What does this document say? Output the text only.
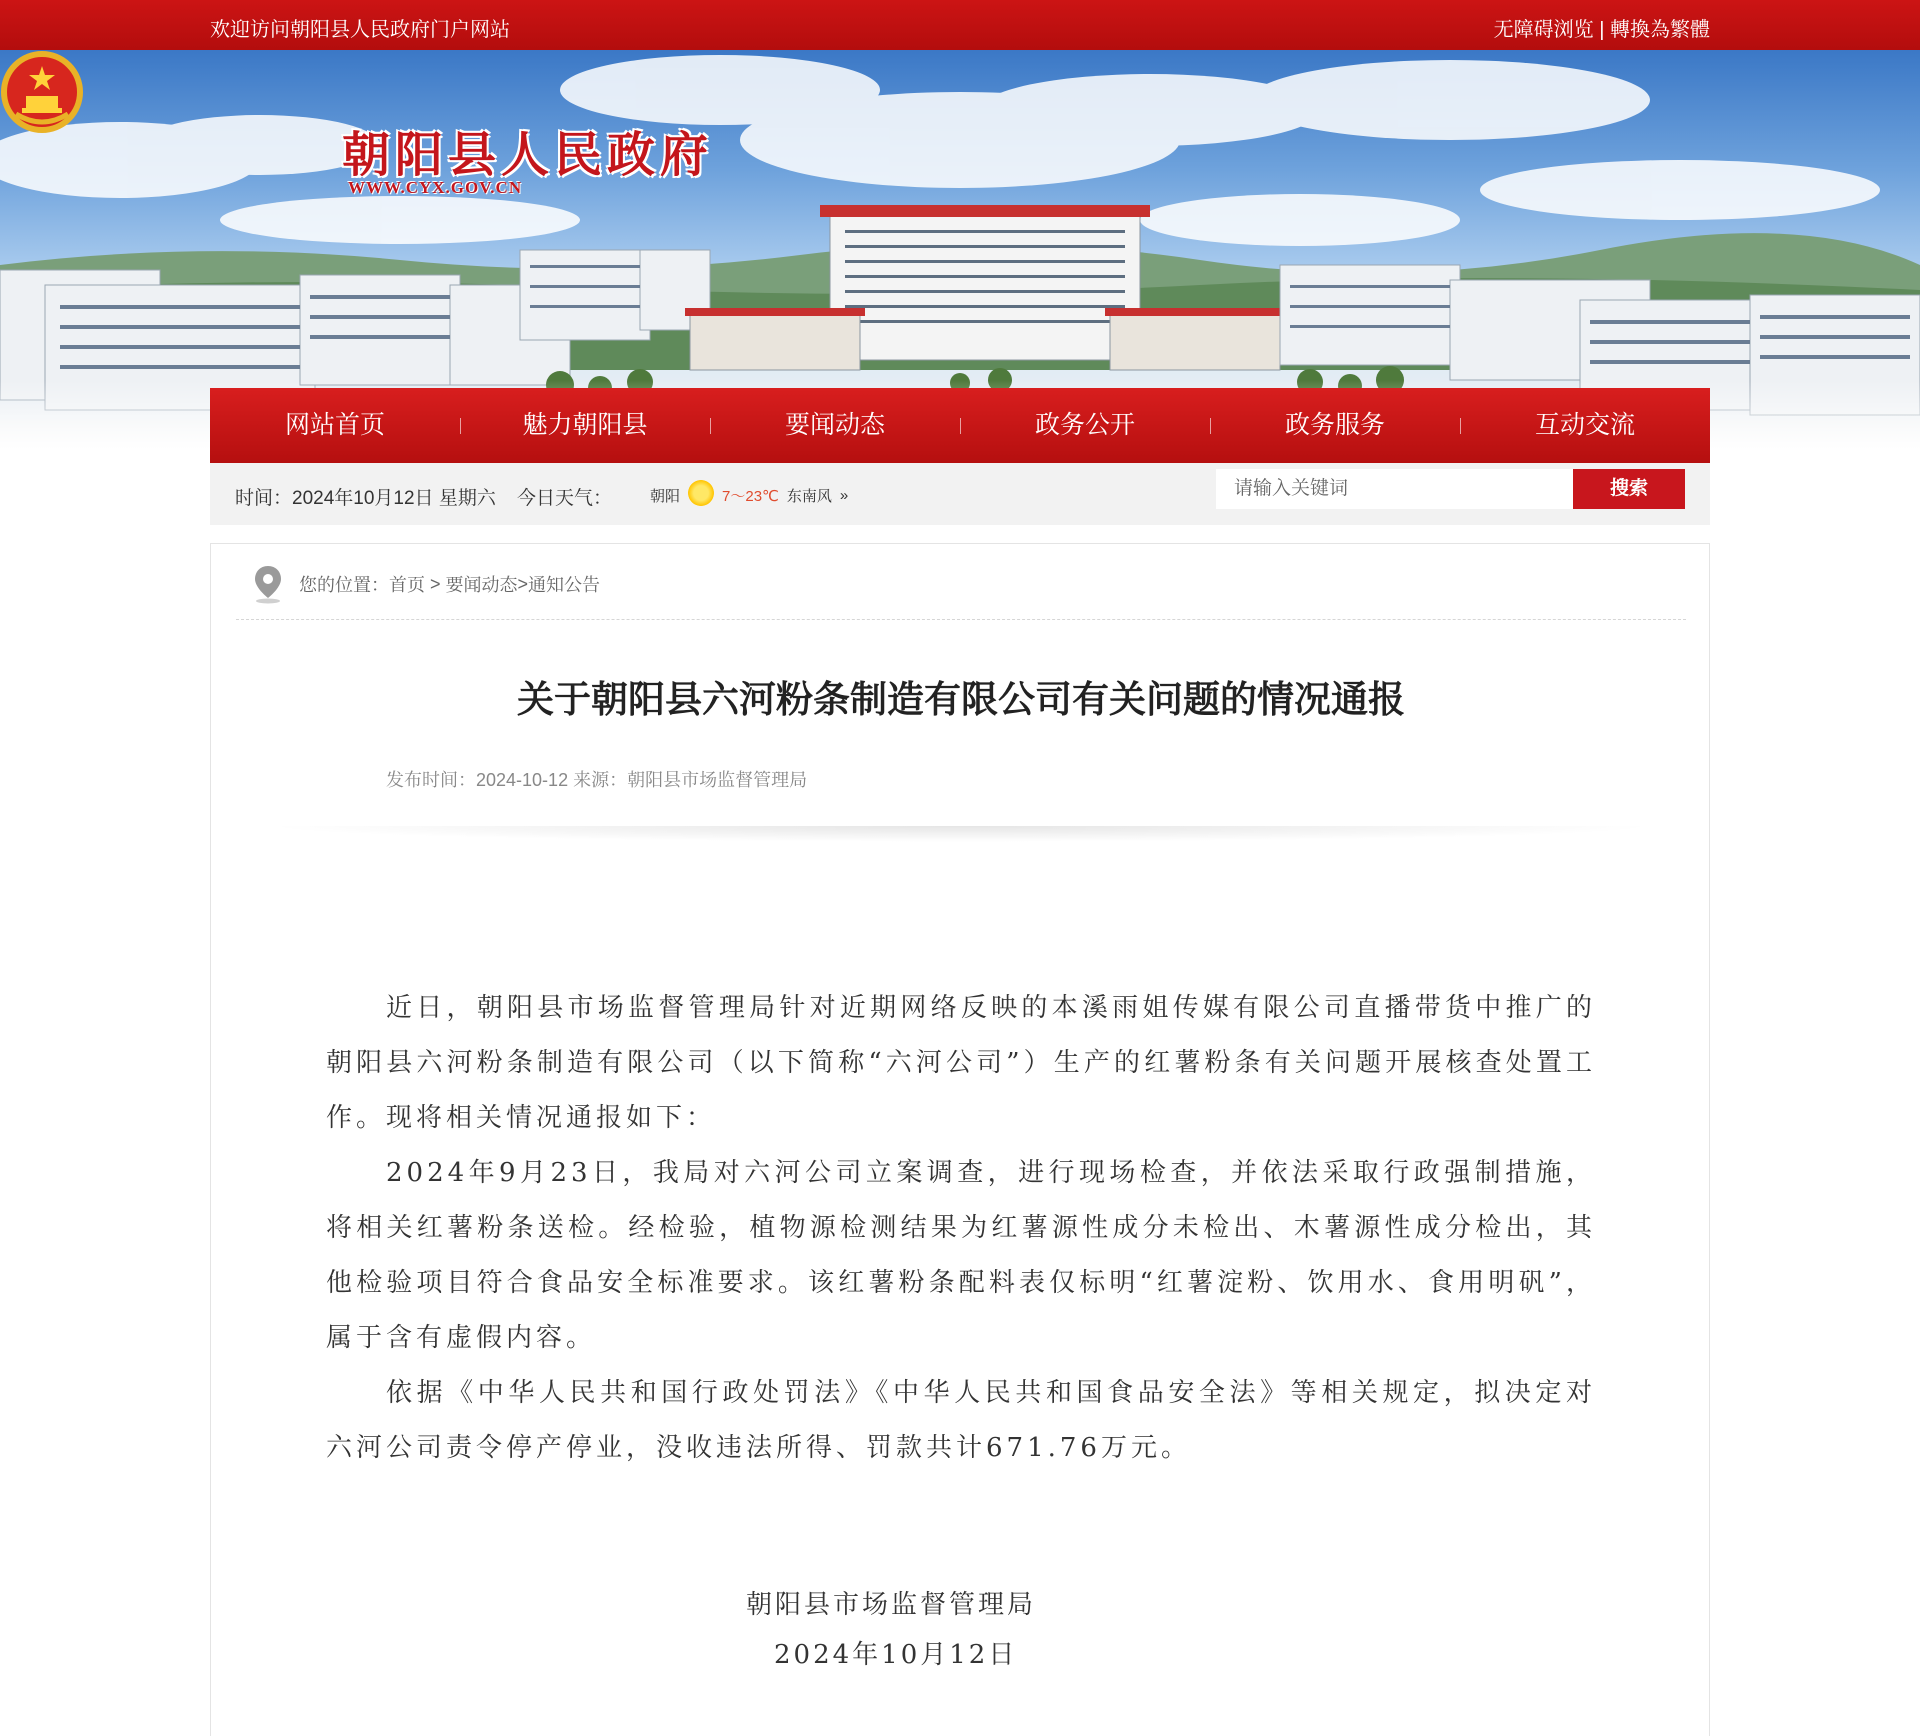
欢迎访问朝阳县人民政府门户网站	无障碍浏览 | 轉換為繁體
朝阳县人民政府
WWW.CYX.GOV.CN
网站首页	魅力朝阳县	要闻动态	政务公开	政务服务	互动交流
时间：2024年10月12日 星期六 今日天气：	朝阳	7～23℃ 东南风 »
请输入关键词	搜索
您的位置： 首页 > 要闻动态 > 通知公告
关于朝阳县六河粉条制造有限公司有关问题的情况通报
发布时间：2024-10-12 来源：朝阳县市场监督管理局

近日，朝阳县市场监督管理局针对近期网络反映的本溪雨姐传媒有限公司直播带货中推广的朝阳县六河粉条制造有限公司（以下简称“六河公司”）生产的红薯粉条有关问题开展核查处置工作。现将相关情况通报如下：

2024年9月23日，我局对六河公司立案调查，进行现场检查，并依法采取行政强制措施，将相关红薯粉条送检。经检验，植物源检测结果为红薯源性成分未检出、木薯源性成分检出，其他检验项目符合食品安全标准要求。该红薯粉条配料表仅标明“红薯淀粉、饮用水、食用明矾”，属于含有虚假内容。

依据《中华人民共和国行政处罚法》《中华人民共和国食品安全法》等相关规定，拟决定对六河公司责令停产停业，没收违法所得、罚款共计671.76万元。

朝阳县市场监督管理局
2024年10月12日
